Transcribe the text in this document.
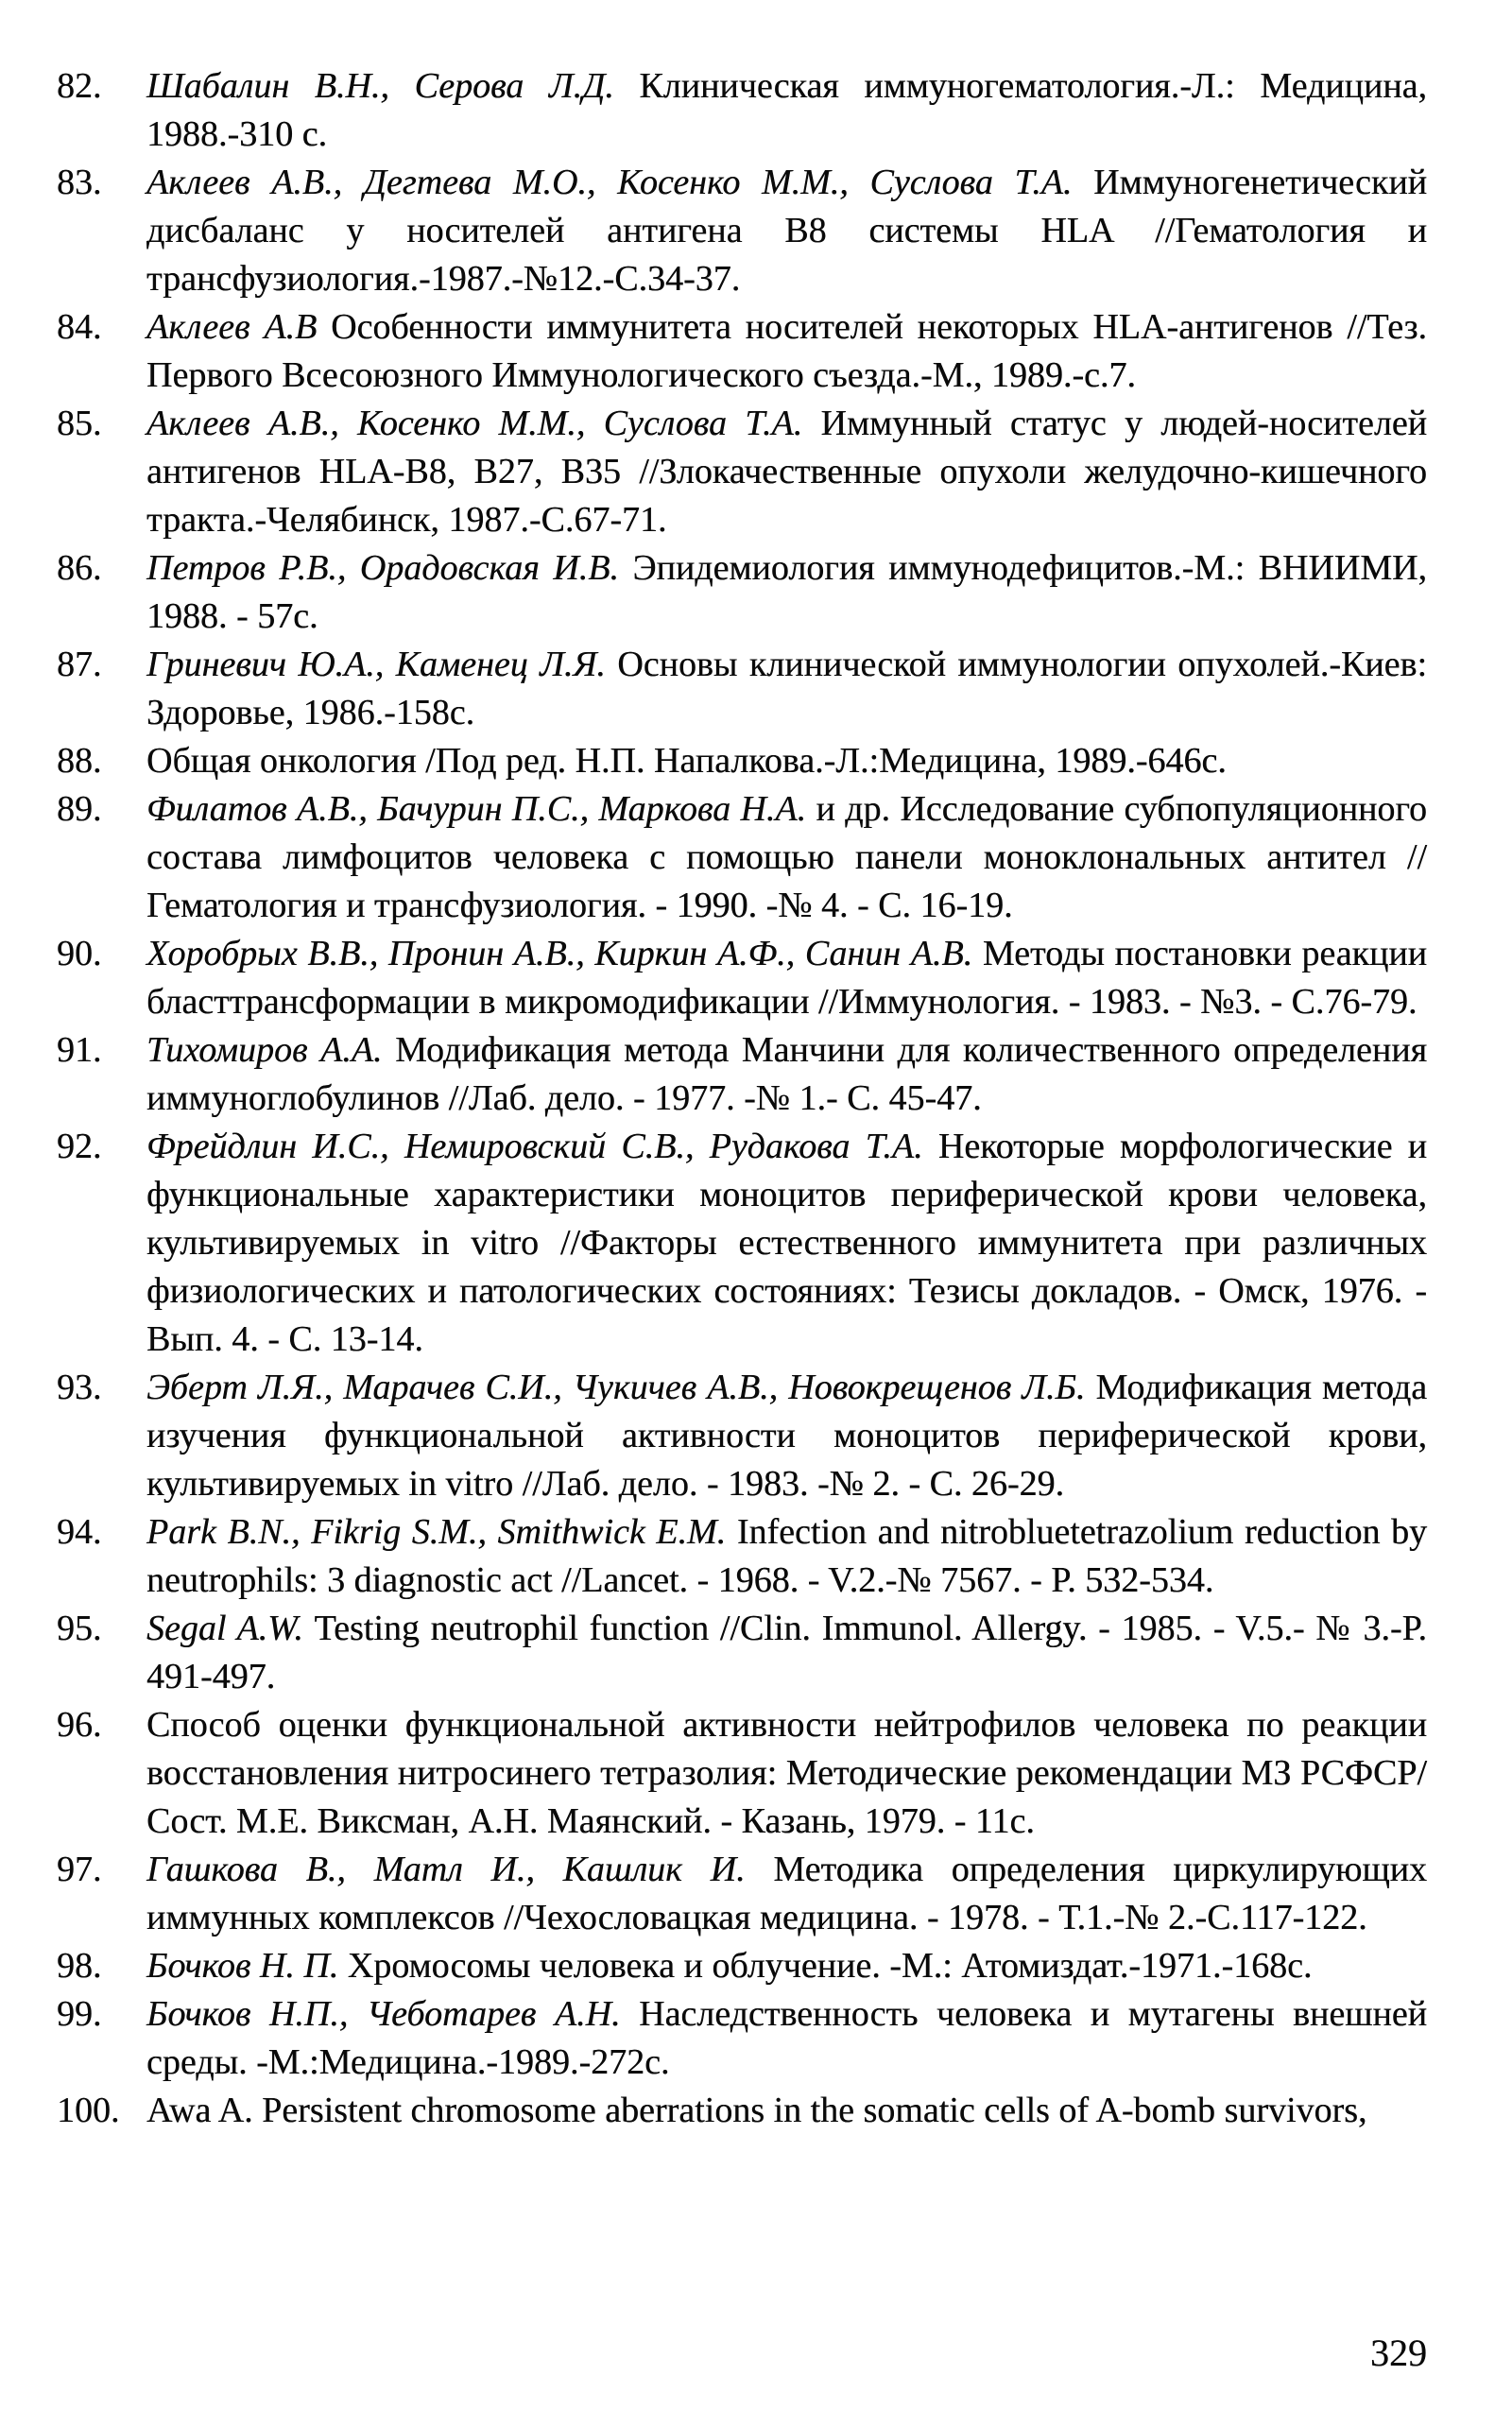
82. Шабалин В.Н., Серова Л.Д. Клиническая иммуногематология.-Л.: Медицина, 1988.-310 с.
83. Аклеев А.В., Дегтева М.О., Косенко М.М., Суслова Т.А. Иммуногенетический дисбаланс у носителей антигена В8 системы HLA //Гематология и трансфузиология.-1987.-№12.-С.34-37.
84. Аклеев А.В Особенности иммунитета носителей некоторых HLA-антигенов //Тез. Первого Всесоюзного Иммунологического съезда.-М., 1989.-с.7.
85. Аклеев А.В., Косенко М.М., Суслова Т.А. Иммунный статус у людей-носителей антигенов HLA-B8, В27, В35 //Злокачественные опухоли желудочно-кишечного тракта.-Челябинск, 1987.-С.67-71.
86. Петров Р.В., Орадовская И.В. Эпидемиология иммунодефицитов.-М.: ВНИИМИ, 1988. - 57с.
87. Гриневич Ю.А., Каменец Л.Я. Основы клинической иммунологии опухолей.-Киев: Здоровье, 1986.-158с.
88. Общая онкология /Под ред. Н.П. Напалкова.-Л.:Медицина, 1989.-646с.
89. Филатов А.В., Бачурин П.С., Маркова Н.А. и др. Исследование субпопуляционного состава лимфоцитов человека с помощью панели моноклональных антител //Гематология и трансфузиология. - 1990. -№ 4. - С. 16-19.
90. Хоробрых В.В., Пронин А.В., Киркин А.Ф., Санин А.В. Методы постановки реакции бласттрансформации в микромодификации //Иммунология. - 1983. - №3. - С.76-79.
91. Тихомиров А.А. Модификация метода Манчини для количественного определения иммуноглобулинов //Лаб. дело. - 1977. -№ 1.- С. 45-47.
92. Фрейдлин И.С., Немировский С.В., Рудакова Т.А. Некоторые морфологические и функциональные характеристики моноцитов периферической крови человека, культивируемых in vitro //Факторы естественного иммунитета при различных физиологических и патологических состояниях: Тезисы докладов. - Омск, 1976. - Вып. 4. - С. 13-14.
93. Эберт Л.Я., Марачев С.И., Чукичев А.В., Новокрещенов Л.Б. Модификация метода изучения функциональной активности моноцитов периферической крови, культивируемых in vitro //Лаб. дело. - 1983. -№ 2. - С. 26-29.
94. Park B.N., Fikrig S.M., Smithwick E.M. Infection and nitrobluetetrazolium reduction by neutrophils: 3 diagnostic act //Lancet. - 1968. - V.2.-№ 7567. - P. 532-534.
95. Segal A.W. Testing neutrophil function //Clin. Immunol. Allergy. - 1985. - V.5.- № 3.-P. 491-497.
96. Способ оценки функциональной активности нейтрофилов человека по реакции восстановления нитросинего тетразолия: Методические рекомендации МЗ РСФСР/ Сост. М.Е. Виксман, А.Н. Маянский. - Казань, 1979. - 11с.
97. Гашкова В., Матл И., Кашлик И. Методика определения циркулирующих иммунных комплексов //Чехословацкая медицина. - 1978. - Т.1.-№ 2.-С.117-122.
98. Бочков Н. П. Хромосомы человека и облучение. -М.: Атомиздат.-1971.-168с.
99. Бочков Н.П., Чеботарев А.Н. Наследственность человека и мутагены внешней среды. -М.:Медицина.-1989.-272с.
100. Awa A. Persistent chromosome aberrations in the somatic cells of A-bomb survivors,
329
